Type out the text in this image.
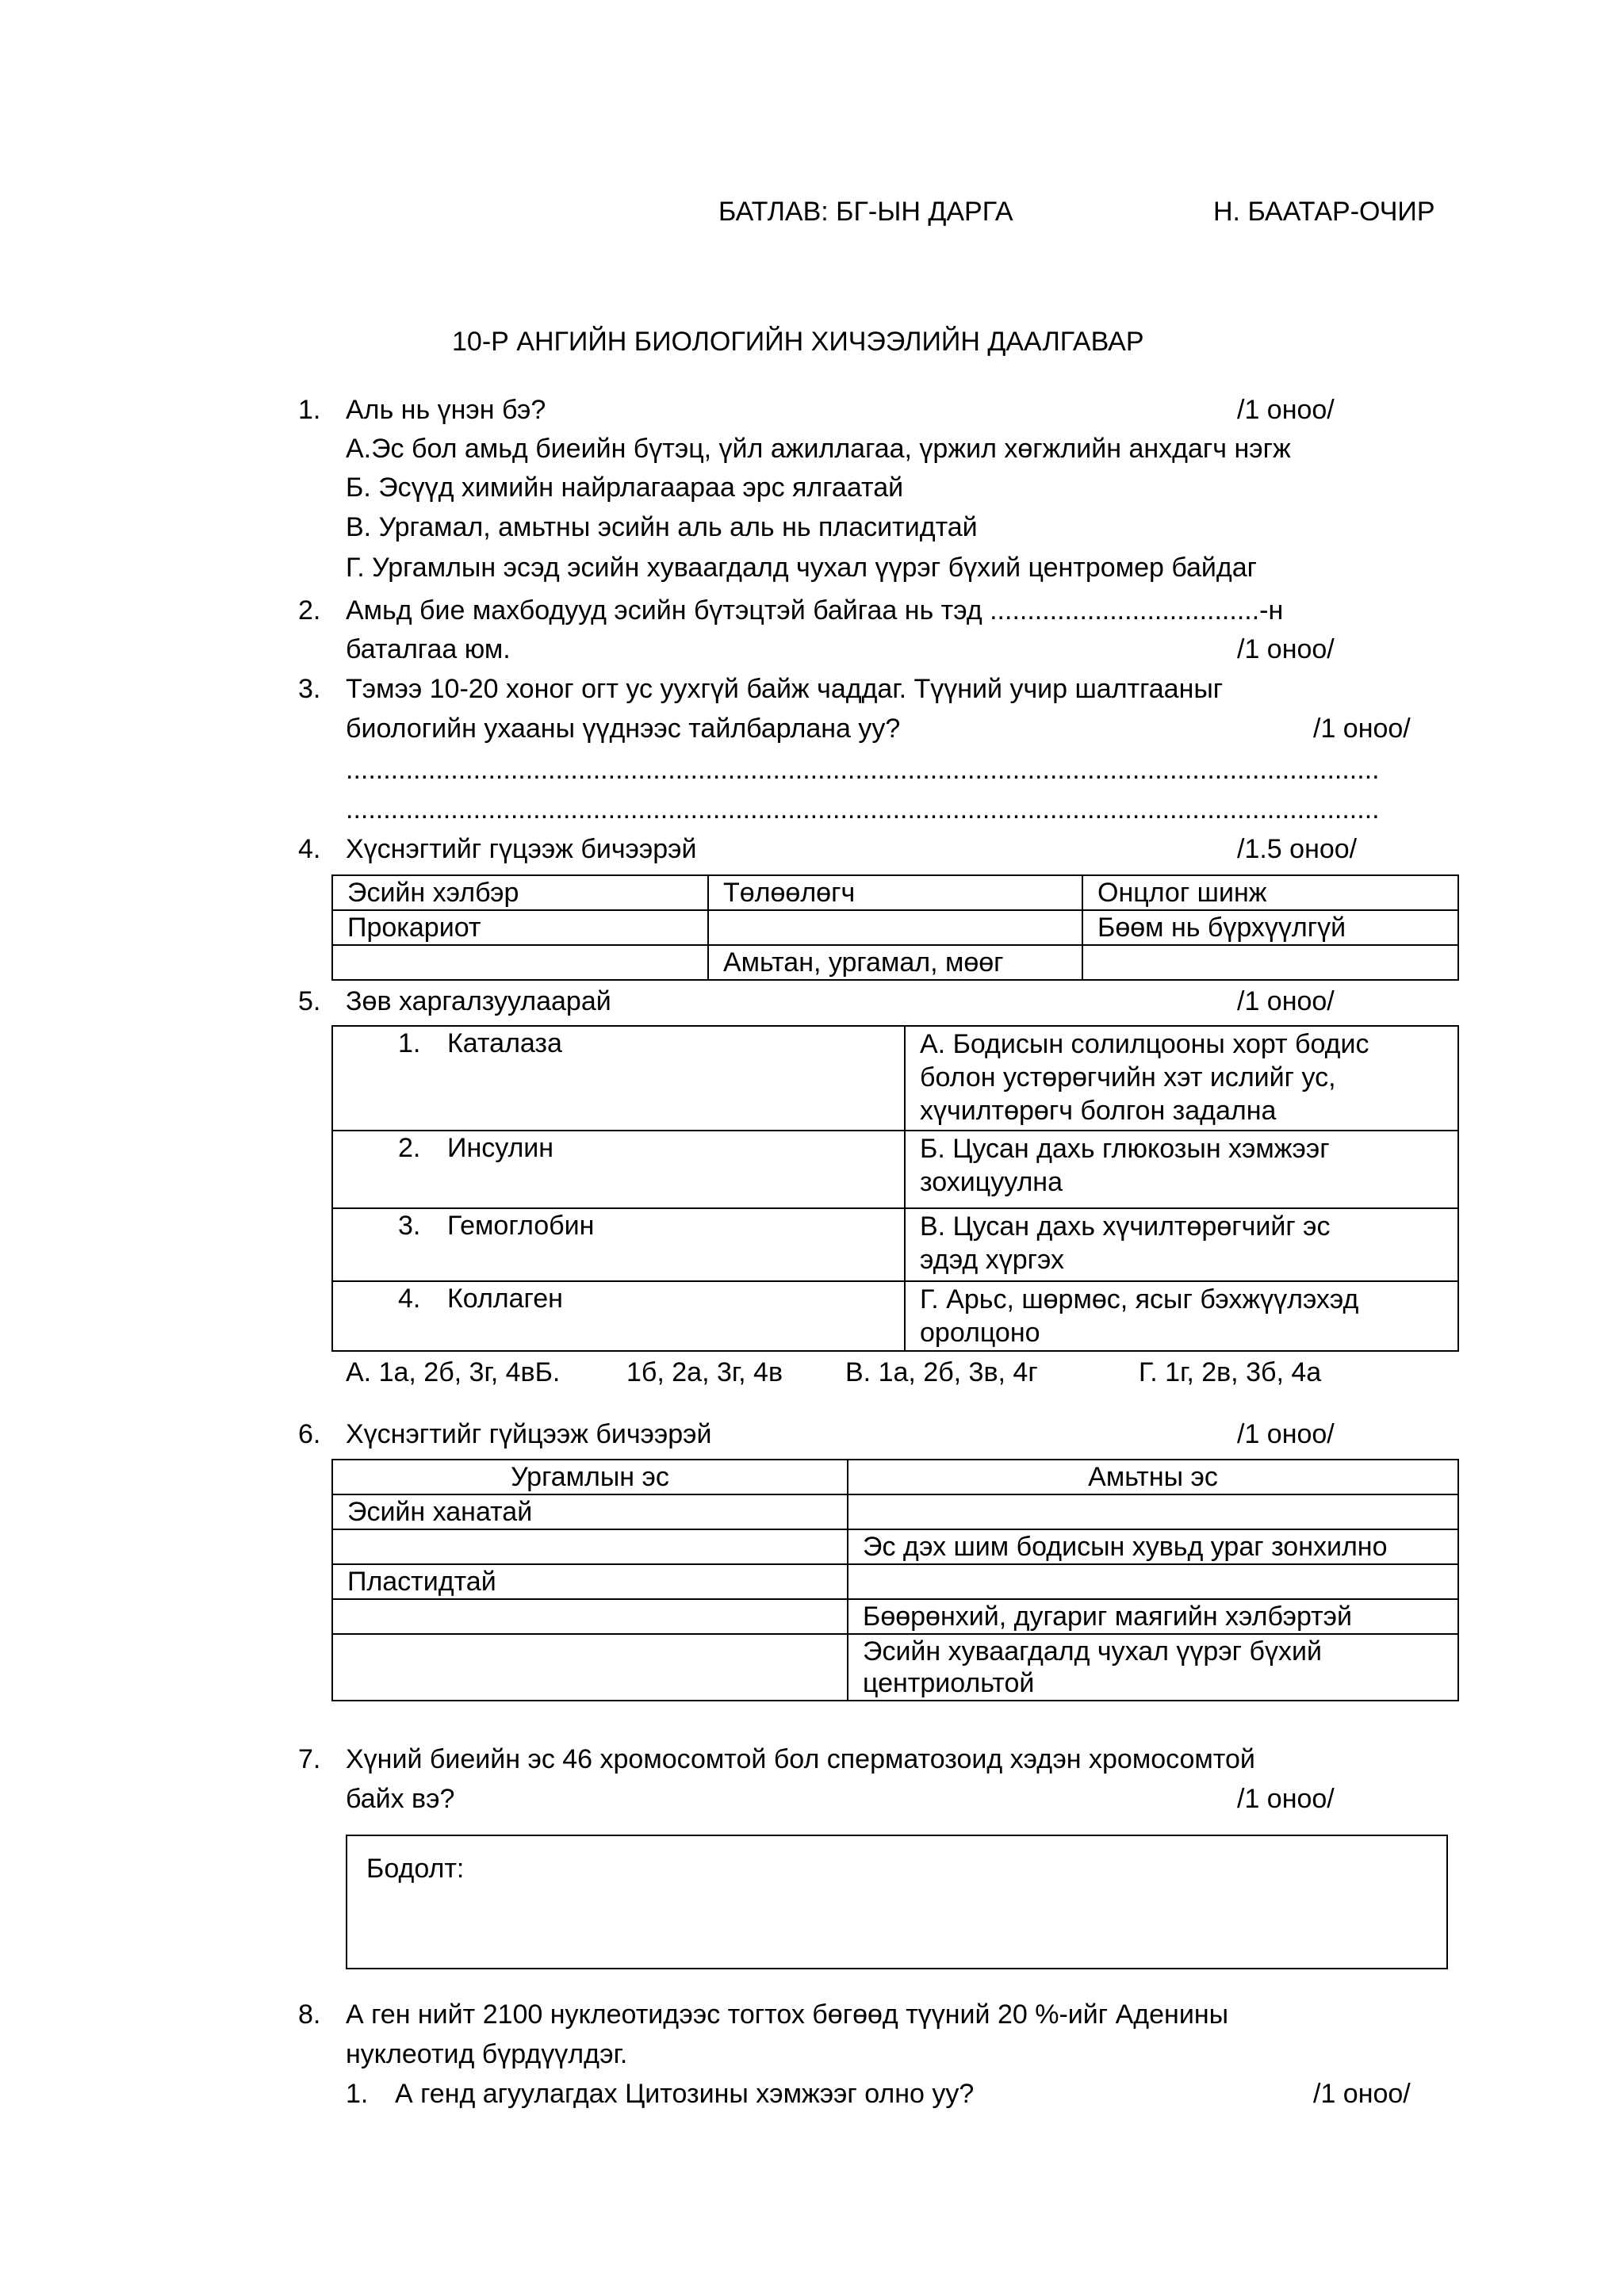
БАТЛАВ: БГ-ЫН ДАРГА	Н. БААТАР-ОЧИР
10-Р АНГИЙН БИОЛОГИЙН ХИЧЭЭЛИЙН ДААЛГАВАР
1. Аль нь үнэн бэ?	/1 оноо/
А.Эс бол амьд биеийн бүтэц, үйл ажиллагаа, үржил хөгжлийн анхдагч нэгж
Б. Эсүүд химийн найрлагаараа эрс ялгаатай
В. Ургамал, амьтны эсийн аль аль нь пласитидтай
Г. Ургамлын эсэд эсийн хуваагдалд чухал үүрэг бүхий центромер байдаг
2. Амьд бие махбодууд эсийн бүтэцтэй байгаа нь тэд ....................................-н
баталгаа юм.	/1 оноо/
3. Тэмээ 10-20 хоног огт ус уухгүй байж чаддаг. Түүний учир шалтгааныг
биологийн ухааны үүднээс тайлбарлана уу?	/1 оноо/
..........................................................................................................................................
..........................................................................................................................................
4. Хүснэгтийг гүцээж бичээрэй	/1.5 оноо/
Эсийн хэлбэр	Төлөөлөгч	Онцлог шинж
Прокариот		Бөөм нь бүрхүүлгүй
	Амьтан, ургамал, мөөг	
5. Зөв харгалзуулаарай	/1 оноо/
1. Каталаза	А. Бодисын солилцооны хорт бодис
болон устөрөгчийн хэт ислийг ус,
хүчилтөрөгч болгон задална

2. Инсулин	Б. Цусан дахь глюкозын хэмжээг
зохицуулна

3. Гемоглобин	В. Цусан дахь хүчилтөрөгчийг эс
эдэд хүргэх

4. Коллаген	Г. Арьс, шөрмөс, ясыг бэхжүүлэхэд
оролцоно
А. 1а, 2б, 3г, 4вБ. 1б, 2а, 3г, 4в В. 1а, 2б, 3в, 4г	Г. 1г, 2в, 3б, 4а
6. Хүснэгтийг гүйцээж бичээрэй	/1 оноо/
Ургамлын эс	Амьтны эс
Эсийн ханатай	
	Эс дэх шим бодисын хувьд ураг зонхилно
Пластидтай	
	Бөөрөнхий, дугариг маягийн хэлбэртэй
	Эсийн хуваагдалд чухал үүрэг бүхий центриольтой
7. Хүний биеийн эс 46 хромосомтой бол сперматозоид хэдэн хромосомтой
байх вэ?	/1 оноо/
Бодолт:
8. А ген нийт 2100 нуклеотидээс тогтох бөгөөд түүний 20 %-ийг Аденины
нуклеотид бүрдүүлдэг.
1. А генд агуулагдах Цитозины хэмжээг олно уу?	/1 оноо/
